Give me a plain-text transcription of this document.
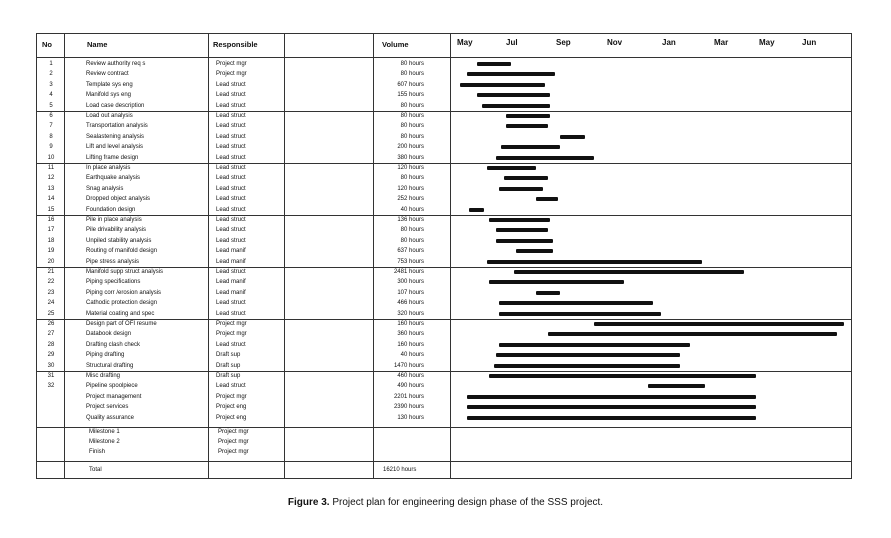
No	Name	Responsible	Volume	May	Jul	Sep	Nov	Jan	Mar	May	Jun
1	Review authority req s	Project mgr	80 hours
2	Review contract	Project mgr	80 hours
3	Template sys eng	Lead struct	607 hours
4	Manifold sys eng	Lead struct	155 hours
5	Load case description	Lead struct	80 hours
6	Load out analysis	Lead struct	80 hours
7	Transportation analysis	Lead struct	80 hours
8	Sealastening analysis	Lead struct	80 hours
9	Lift and level analysis	Lead struct	200 hours
10	Lifting frame design	Lead struct	380 hours
11	In place analysis	Lead struct	120 hours
12	Earthquake analysis	Lead struct	80 hours
13	Snag analysis	Lead struct	120 hours
14	Dropped object analysis	Lead struct	252 hours
15	Foundation design	Lead struct	40 hours
16	Pile in place analysis	Lead struct	136 hours
17	Pile drivability analysis	Lead struct	80 hours
18	Unpiled stability analysis	Lead struct	80 hours
19	Routing of manifold design	Lead manif	637 hours
20	Pipe stress analysis	Lead manif	753 hours
21	Manifold supp struct analysis	Lead struct	2481 hours
22	Piping specifications	Lead manif	300 hours
23	Piping corr /erosion analysis	Lead manif	107 hours
24	Cathodic protection design	Lead struct	466 hours
25	Material coating and spec	Lead struct	320 hours
26	Design part of OFI resume	Project mgr	160 hours
27	Databook design	Project mgr	360 hours
28	Drafting clash check	Lead struct	160 hours
29	Piping drafting	Draft sup	40 hours
30	Structural drafting	Draft sup	1470 hours
31	Misc drafting	Draft sup	460 hours
32	Pipeline spoolpiece	Lead struct	490 hours
Project management	Project mgr	2201 hours
Project services	Project eng	2390 hours
Quality assurance	Project eng	130 hours
Milestone 1	Project mgr
Milestone 2	Project mgr
Finish	Project mgr
Total	16210 hours
Figure 3. Project plan for engineering design phase of the SSS project.
